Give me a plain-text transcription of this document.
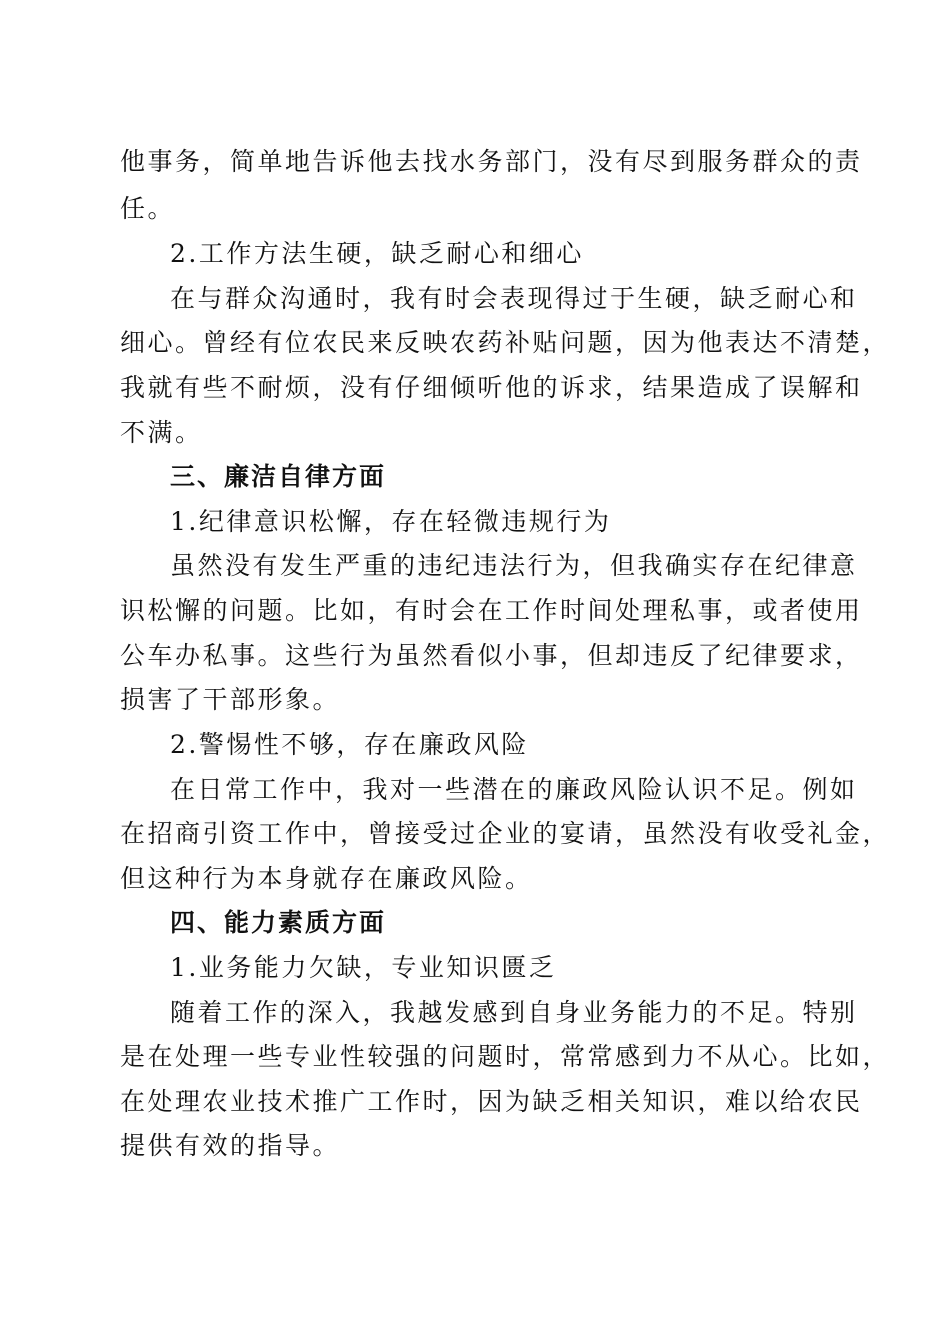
他事务，简单地告诉他去找水务部门，没有尽到服务群众的责
任。
2.工作方法生硬，缺乏耐心和细心
在与群众沟通时，我有时会表现得过于生硬，缺乏耐心和
细心。曾经有位农民来反映农药补贴问题，因为他表达不清楚，
我就有些不耐烦，没有仔细倾听他的诉求，结果造成了误解和
不满。
三、廉洁自律方面
1.纪律意识松懈，存在轻微违规行为
虽然没有发生严重的违纪违法行为，但我确实存在纪律意
识松懈的问题。比如，有时会在工作时间处理私事，或者使用
公车办私事。这些行为虽然看似小事，但却违反了纪律要求，
损害了干部形象。
2.警惕性不够，存在廉政风险
在日常工作中，我对一些潜在的廉政风险认识不足。例如
在招商引资工作中，曾接受过企业的宴请，虽然没有收受礼金，
但这种行为本身就存在廉政风险。
四、能力素质方面
1.业务能力欠缺，专业知识匮乏
随着工作的深入，我越发感到自身业务能力的不足。特别
是在处理一些专业性较强的问题时，常常感到力不从心。比如，
在处理农业技术推广工作时，因为缺乏相关知识，难以给农民
提供有效的指导。
